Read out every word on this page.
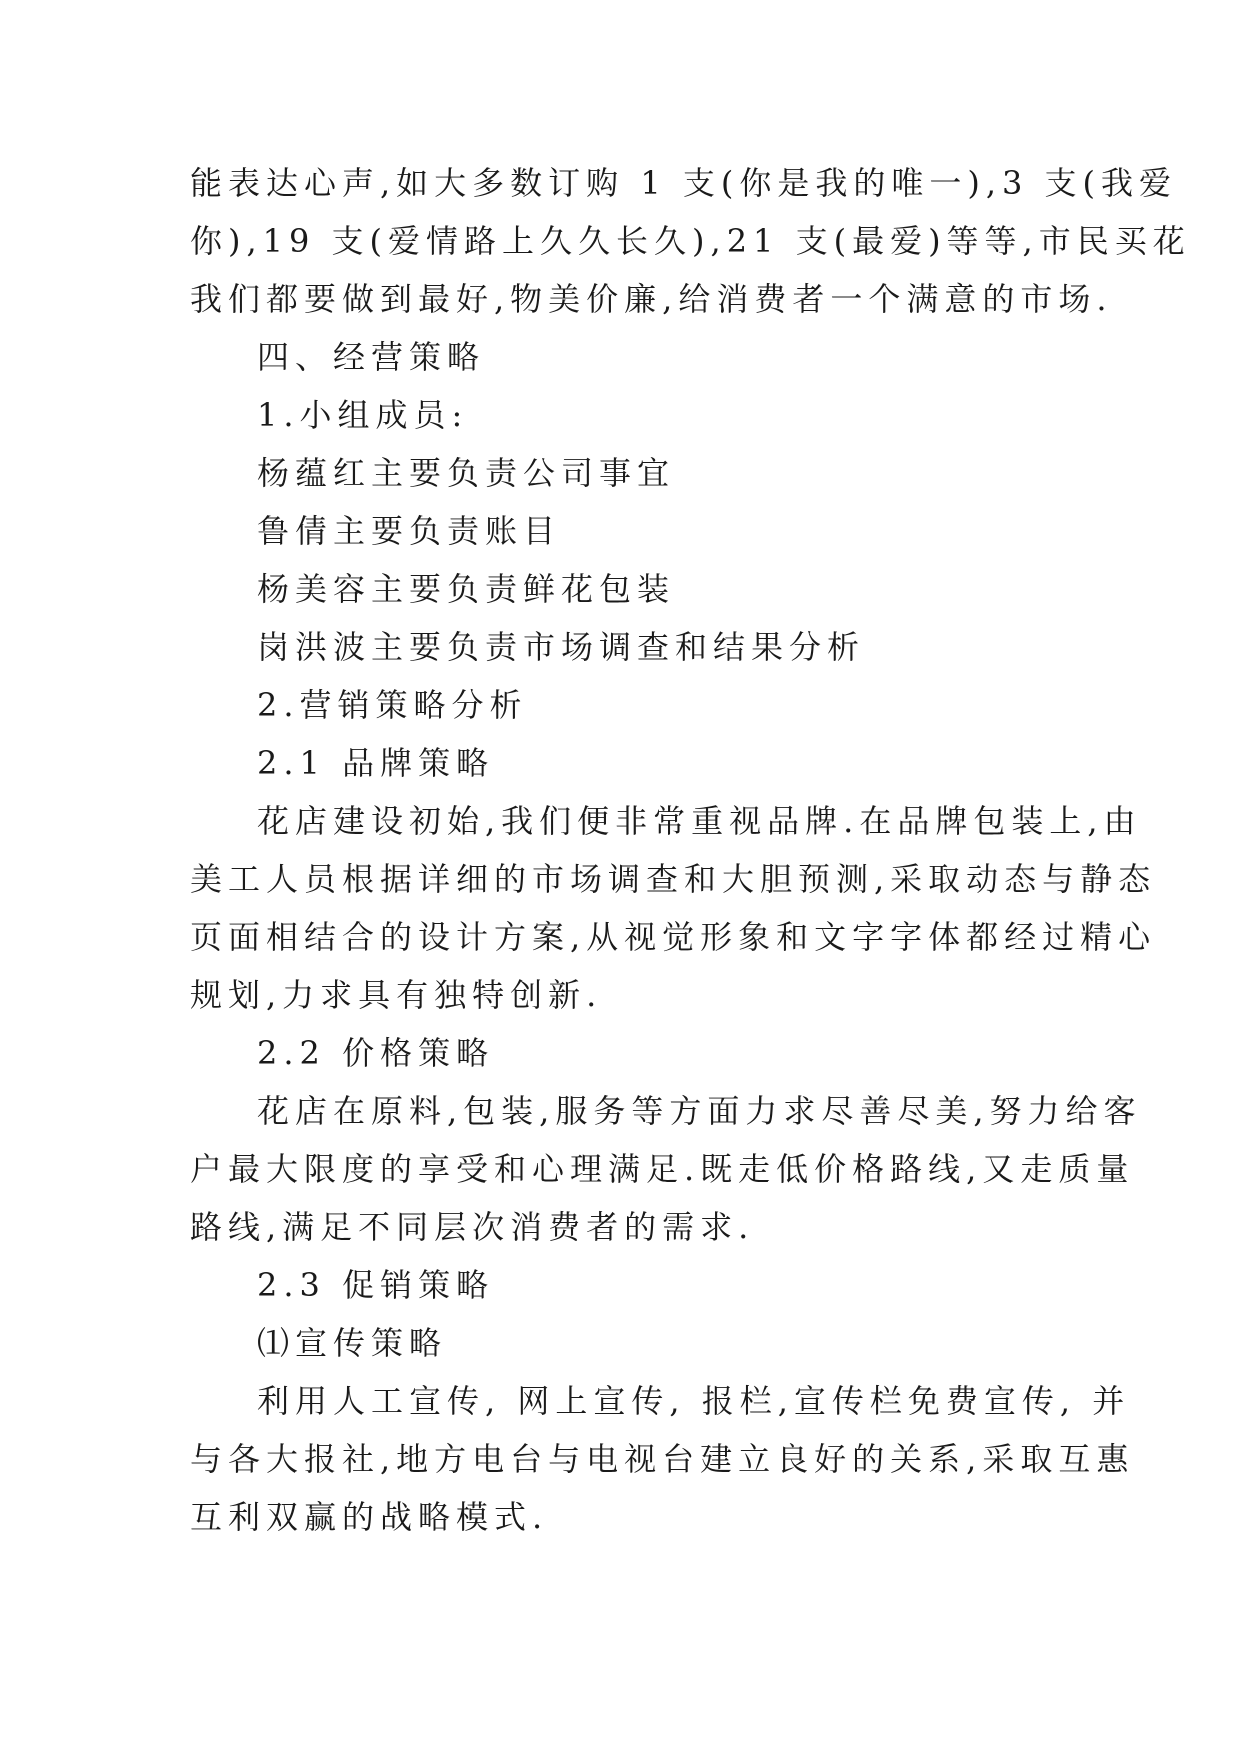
能表达心声,如大多数订购 1 支(你是我的唯一),3 支(我爱
你),19 支(爱情路上久久长久),21 支(最爱)等等,市民买花
我们都要做到最好,物美价廉,给消费者一个满意的市场.
四、经营策略
1.小组成员:
杨蕴红主要负责公司事宜
鲁倩主要负责账目
杨美容主要负责鲜花包装
岗洪波主要负责市场调查和结果分析
2.营销策略分析
2.1 品牌策略
花店建设初始,我们便非常重视品牌.在品牌包装上,由
美工人员根据详细的市场调查和大胆预测,采取动态与静态
页面相结合的设计方案,从视觉形象和文字字体都经过精心
规划,力求具有独特创新.
2.2 价格策略
花店在原料,包装,服务等方面力求尽善尽美,努力给客
户最大限度的享受和心理满足.既走低价格路线,又走质量
路线,满足不同层次消费者的需求.
2.3 促销策略
⑴宣传策略
利用人工宣传, 网上宣传, 报栏,宣传栏免费宣传, 并
与各大报社,地方电台与电视台建立良好的关系,采取互惠
互利双赢的战略模式.
